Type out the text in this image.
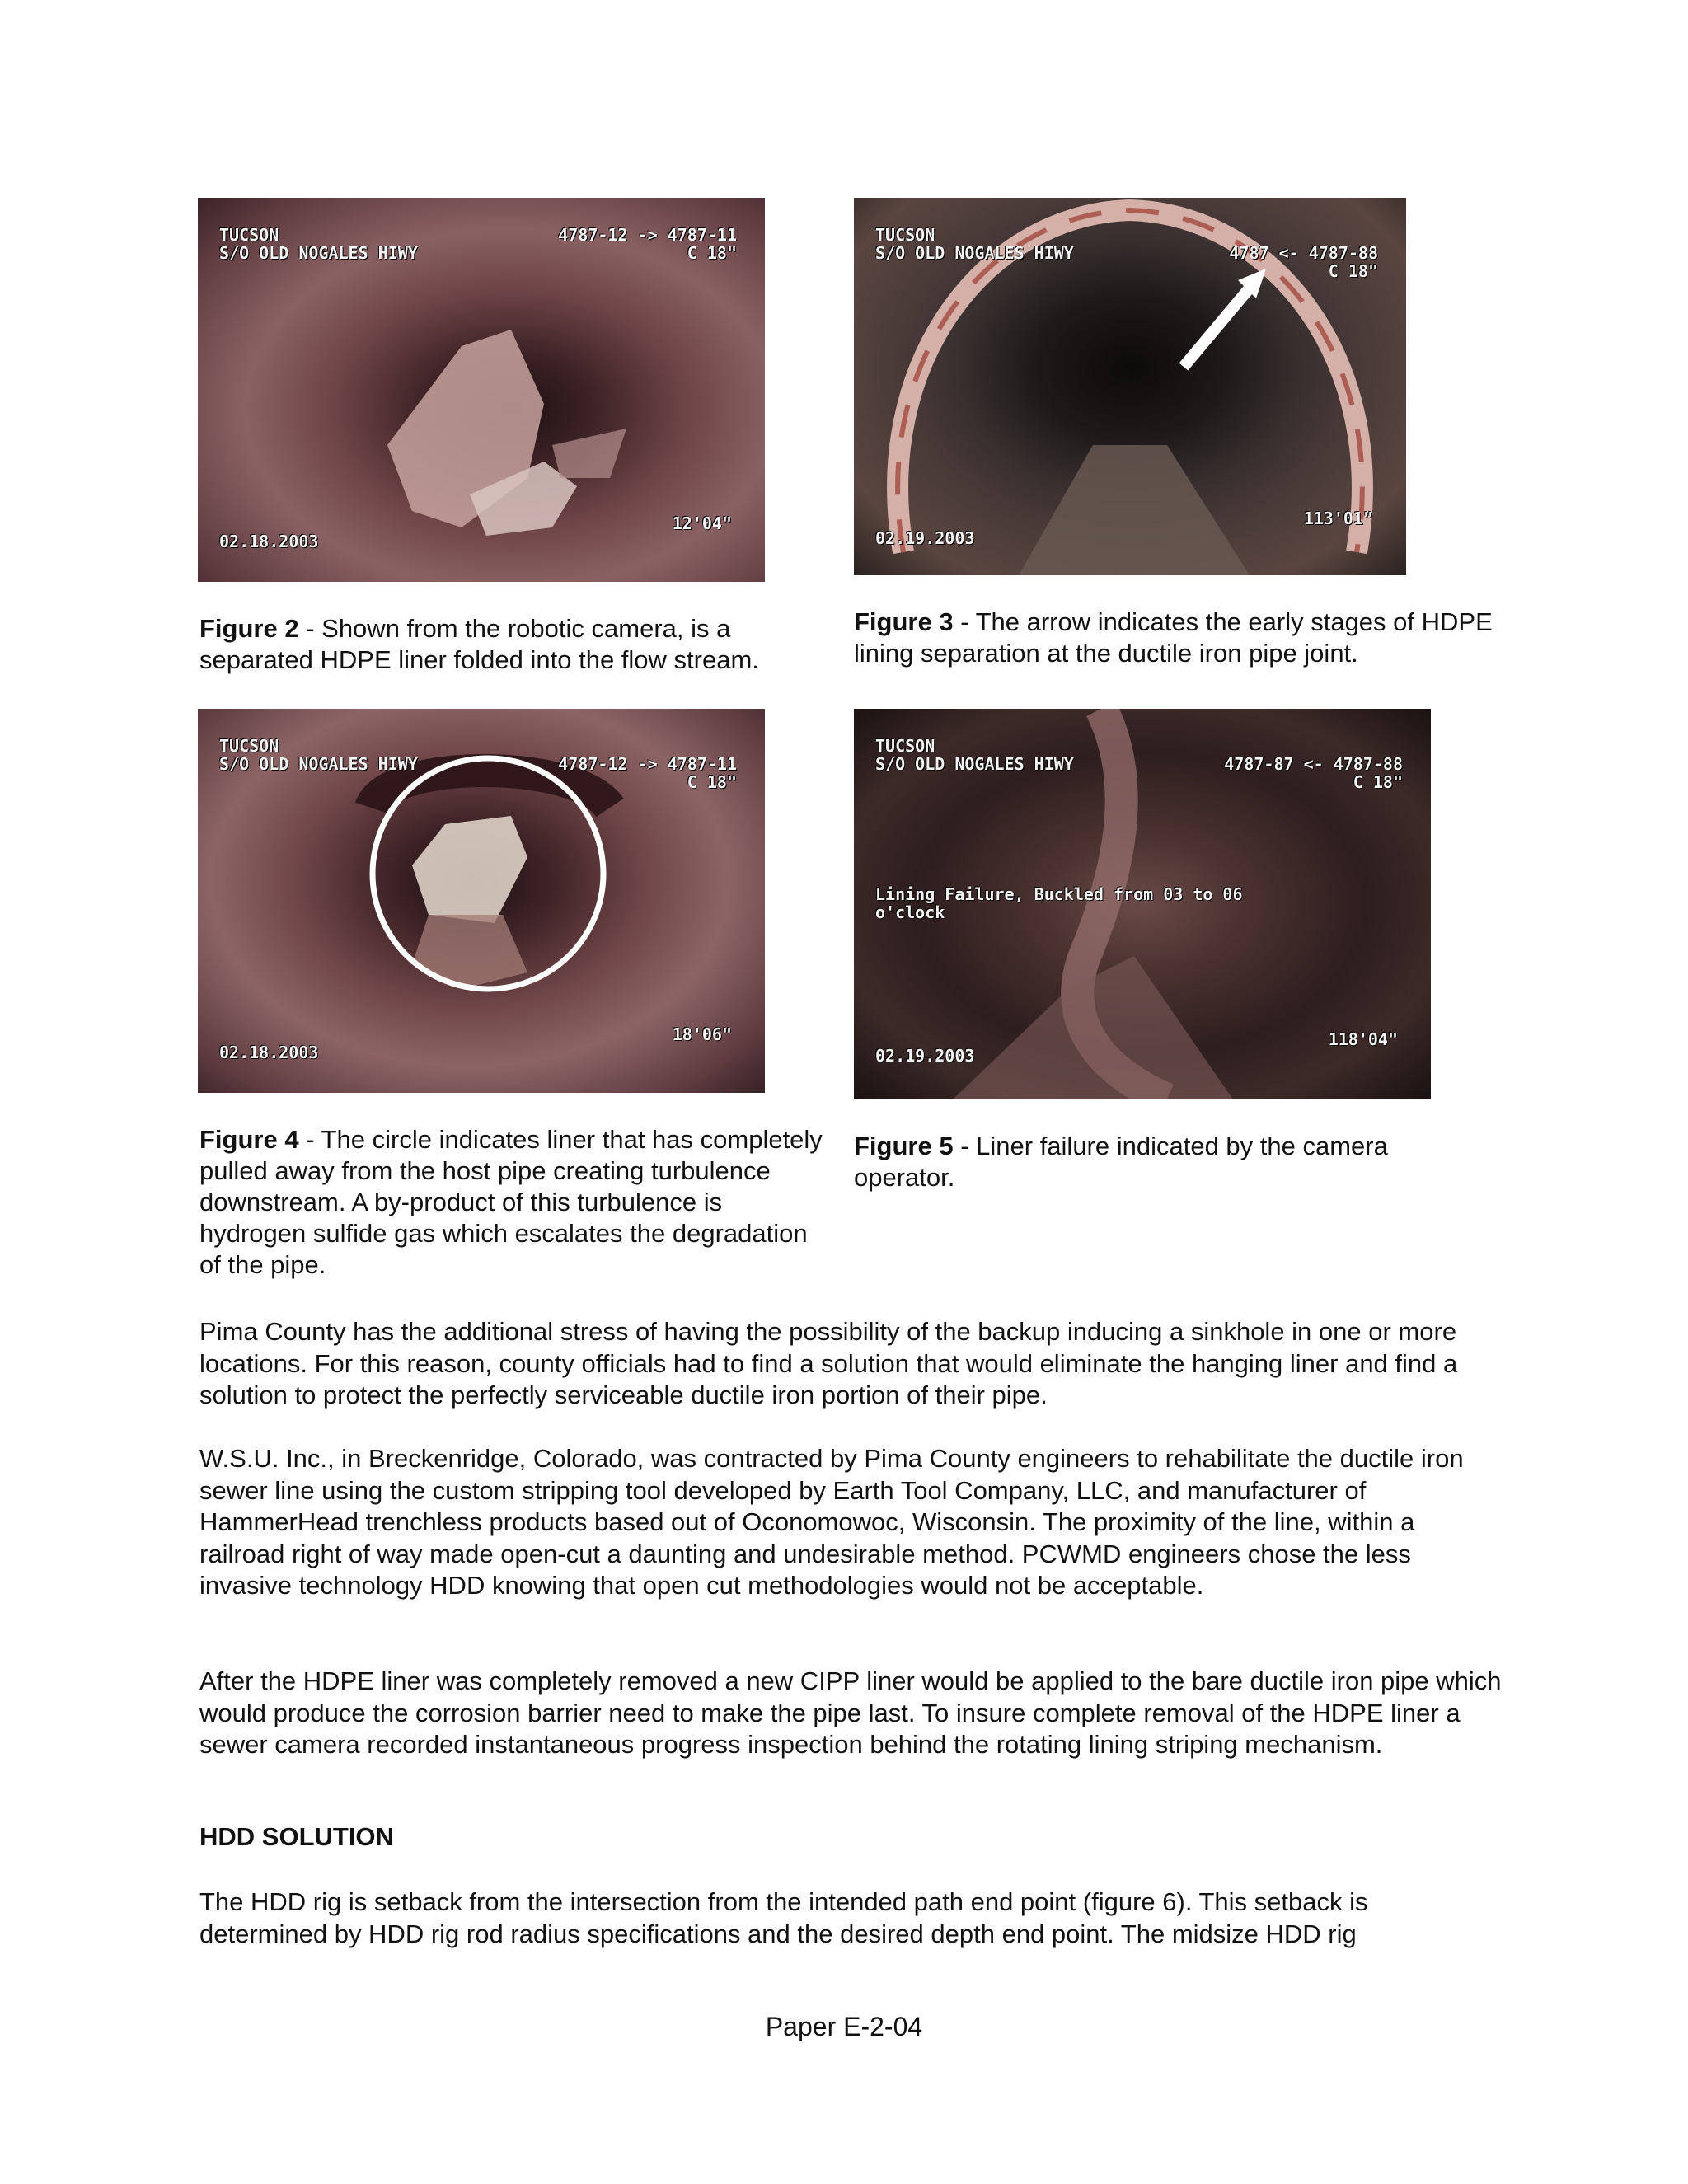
TUCSON
S/O OLD NOGALES HIWY
4787-12 -> 4787-11
C 18"
02.18.2003
12'04"
TUCSON
S/O OLD NOGALES HIWY	4787 <- 4787-88
C 18"
02.19.2003
113'01"
Figure 2 - Shown from the robotic camera, is a separated HDPE liner folded into the flow stream.
Figure 3 - The arrow indicates the early stages of HDPE lining separation at the ductile iron pipe joint.
TUCSON
S/O OLD NOGALES HIWY	4787-12 -> 4787-11
C 18"
02.18.2003
18'06"
TUCSON
S/O OLD NOGALES HIWY	4787-87 <- 4787-88
C 18"
Lining Failure, Buckled from 03 to 06
o'clock
02.19.2003
118'04"
Figure 4 - The circle indicates liner that has completely pulled away from the host pipe creating turbulence downstream. A by-product of this turbulence is hydrogen sulfide gas which escalates the degradation of the pipe.
Figure 5 - Liner failure indicated by the camera operator.

Pima County has the additional stress of having the possibility of the backup inducing a sinkhole in one or more locations. For this reason, county officials had to find a solution that would eliminate the hanging liner and find a solution to protect the perfectly serviceable ductile iron portion of their pipe.

W.S.U. Inc., in Breckenridge, Colorado, was contracted by Pima County engineers to rehabilitate the ductile iron sewer line using the custom stripping tool developed by Earth Tool Company, LLC, and manufacturer of HammerHead trenchless products based out of Oconomowoc, Wisconsin. The proximity of the line, within a railroad right of way made open-cut a daunting and undesirable method. PCWMD engineers chose the less invasive technology HDD knowing that open cut methodologies would not be acceptable.

After the HDPE liner was completely removed a new CIPP liner would be applied to the bare ductile iron pipe which would produce the corrosion barrier need to make the pipe last. To insure complete removal of the HDPE liner a sewer camera recorded instantaneous progress inspection behind the rotating lining striping mechanism.

HDD SOLUTION

The HDD rig is setback from the intersection from the intended path end point (figure 6). This setback is determined by HDD rig rod radius specifications and the desired depth end point. The midsize HDD rig

Paper E-2-04
